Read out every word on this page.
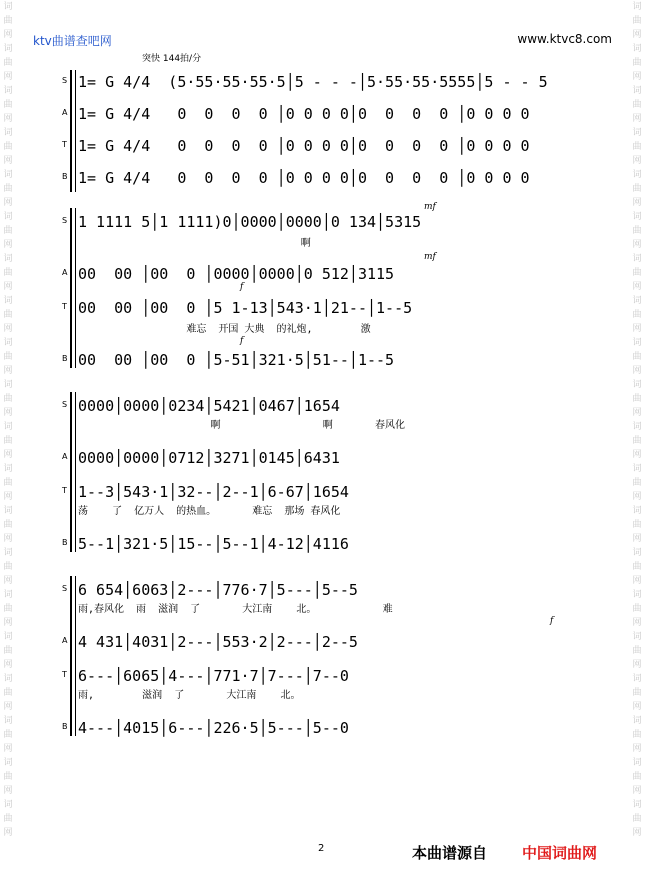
词曲网词曲网词曲网词曲网词曲网词曲网词曲网词曲网词曲网词曲网词曲网词曲网词曲网词曲网词曲网词曲网词曲网词曲网词曲网词曲网
词曲网词曲网词曲网词曲网词曲网词曲网词曲网词曲网词曲网词曲网词曲网词曲网词曲网词曲网词曲网词曲网词曲网词曲网词曲网词曲网
ktv曲谱查吧网	www.ktvc8.com
突快 144拍/分
S 1= G 4/4  (5·55·55·55·5│5 - - -│5·55·55·5555│5 - - 5
A 1= G 4/4   0  0  0  0 │0 0 0 0│0  0  0  0 │0 0 0 0
T 1= G 4/4   0  0  0  0 │0 0 0 0│0  0  0  0 │0 0 0 0
B 1= G 4/4   0  0  0  0 │0 0 0 0│0  0  0  0 │0 0 0 0
mf
mf
f
f
S 1 1111 5│1 1111)0│0000│0000│0 134│5315
啊
A 00  00 │00  0 │0000│0000│0 512│3115
T 00  00 │00  0 │5 1-13│543·1│21--│1--5
难忘  开国 大典  的礼炮,        激
B 00  00 │00  0 │5-51│321·5│51--│1--5
S 0000│0000│0234│5421│0467│1654
啊                 啊       春风化
A 0000│0000│0712│3271│0145│6431
T 1--3│543·1│32--│2--1│6-67│1654
荡    了  亿万人  的热血。      难忘  那场 春风化
B 5--1│321·5│15--│5--1│4-12│4116
f
S 6 654│6063│2---│776·7│5---│5--5
雨,春风化  雨  滋润  了       大江南    北。           难
A 4 431│4031│2---│553·2│2---│2--5
T 6---│6065│4---│771·7│7---│7--0
雨,        滋润  了       大江南    北。
B 4---│4015│6---│226·5│5---│5--0
2	本曲谱源自 中国词曲网
